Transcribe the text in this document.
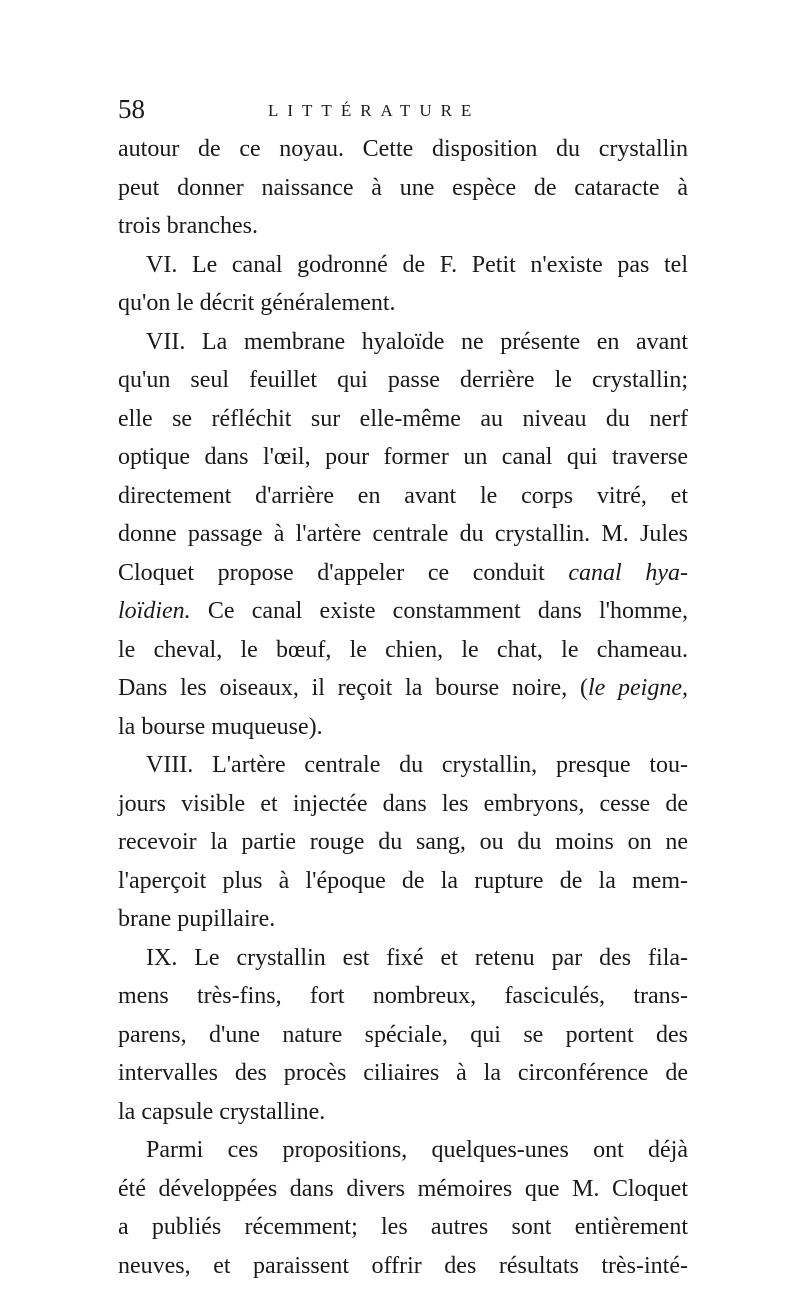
58	LITTÉRATURE
autour de ce noyau. Cette disposition du crystallin
peut donner naissance à une espèce de cataracte à
trois branches.
VI. Le canal godronné de F. Petit n'existe pas tel
qu'on le décrit généralement.
VII. La membrane hyaloïde ne présente en avant
qu'un seul feuillet qui passe derrière le crystallin;
elle se réfléchit sur elle-même au niveau du nerf
optique dans l'œil, pour former un canal qui traverse
directement d'arrière en avant le corps vitré, et
donne passage à l'artère centrale du crystallin. M. Jules
Cloquet propose d'appeler ce conduit canal hya-
loïdien. Ce canal existe constamment dans l'homme,
le cheval, le bœuf, le chien, le chat, le chameau.
Dans les oiseaux, il reçoit la bourse noire, (le peigne,
la bourse muqueuse).
VIII. L'artère centrale du crystallin, presque tou-
jours visible et injectée dans les embryons, cesse de
recevoir la partie rouge du sang, ou du moins on ne
l'aperçoit plus à l'époque de la rupture de la mem-
brane pupillaire.
IX. Le crystallin est fixé et retenu par des fila-
mens très-fins, fort nombreux, fasciculés, trans-
parens, d'une nature spéciale, qui se portent des
intervalles des procès ciliaires à la circonférence de
la capsule crystalline.
Parmi ces propositions, quelques-unes ont déjà
été développées dans divers mémoires que M. Cloquet
a publiés récemment; les autres sont entièrement
neuves, et paraissent offrir des résultats très-inté-
